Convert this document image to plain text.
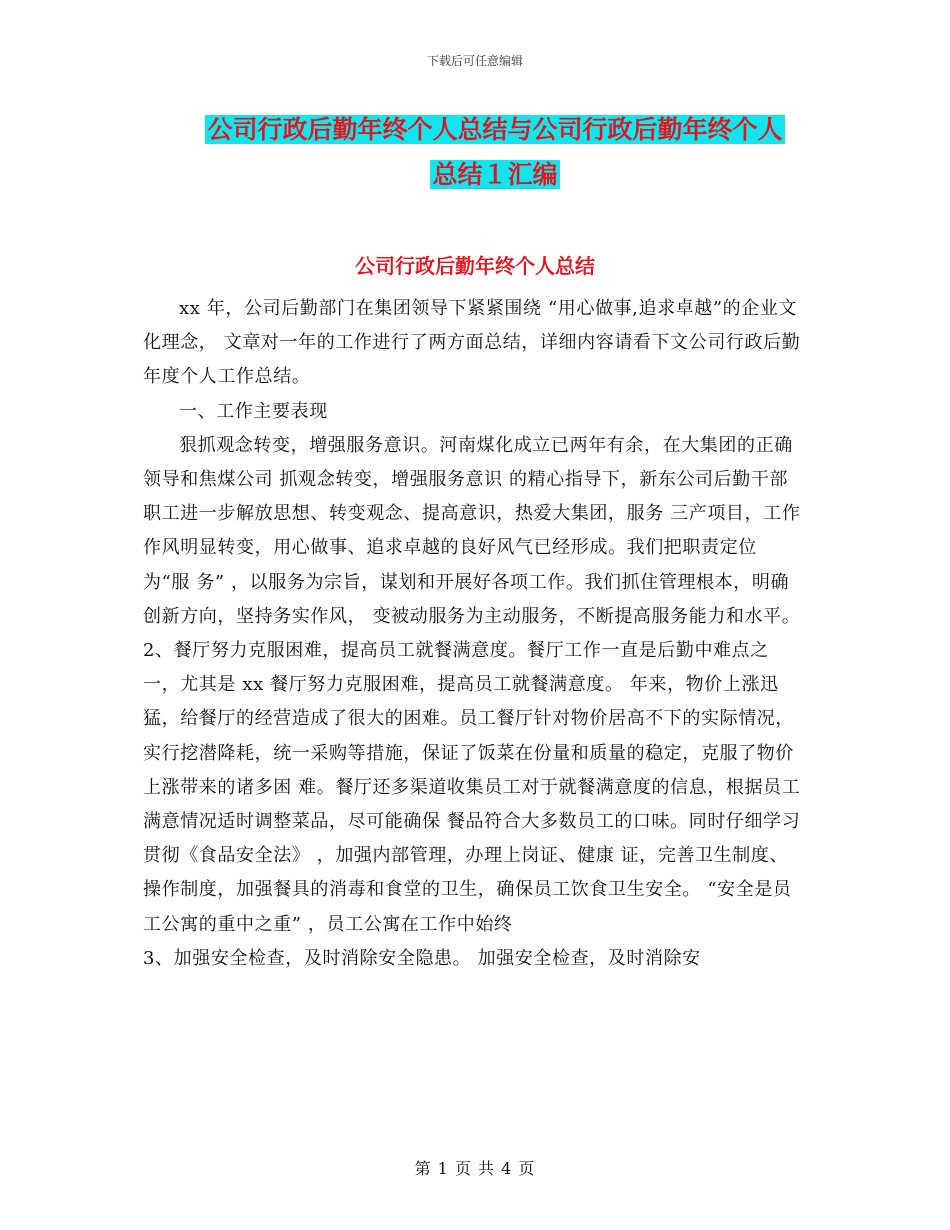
下载后可任意编辑
公司行政后勤年终个人总结与公司行政后勤年终个人
总结１汇编
公司行政后勤年终个人总结

xx 年，公司后勤部门在集团领导下紧紧围绕 “用心做事,追求卓越”的企业文化理念， 文章对一年的工作进行了两方面总结，详细内容请看下文公司行政后勤年度个人工作总结。

一、工作主要表现

狠抓观念转变，增强服务意识。河南煤化成立已两年有余，在大集团的正确领导和焦煤公司 抓观念转变，增强服务意识 的精心指导下，新东公司后勤干部职工进一步解放思想、转变观念、提高意识，热爱大集团，服务 三产项目，工作作风明显转变，用心做事、追求卓越的良好风气已经形成。我们把职责定位为“服 务” ，以服务为宗旨，谋划和开展好各项工作。我们抓住管理根本，明确创新方向，坚持务实作风， 变被动服务为主动服务，不断提高服务能力和水平。

2、餐厅努力克服困难，提高员工就餐满意度。餐厅工作一直是后勤中难点之一，尤其是 xx 餐厅努力克服困难，提高员工就餐满意度。 年来，物价上涨迅猛，给餐厅的经营造成了很大的困难。员工餐厅针对物价居高不下的实际情况， 实行挖潜降耗，统一采购等措施，保证了饭菜在份量和质量的稳定，克服了物价上涨带来的诸多困 难。餐厅还多渠道收集员工对于就餐满意度的信息，根据员工满意情况适时调整菜品，尽可能确保 餐品符合大多数员工的口味。同时仔细学习贯彻《食品安全法》 ，加强内部管理，办理上岗证、健康 证，完善卫生制度、操作制度，加强餐具的消毒和食堂的卫生，确保员工饮食卫生安全。 “安全是员工公寓的重中之重” ，员工公寓在工作中始终

3、加强安全检查，及时消除安全隐患。 加强安全检查，及时消除安

第 1 页 共 4 页
